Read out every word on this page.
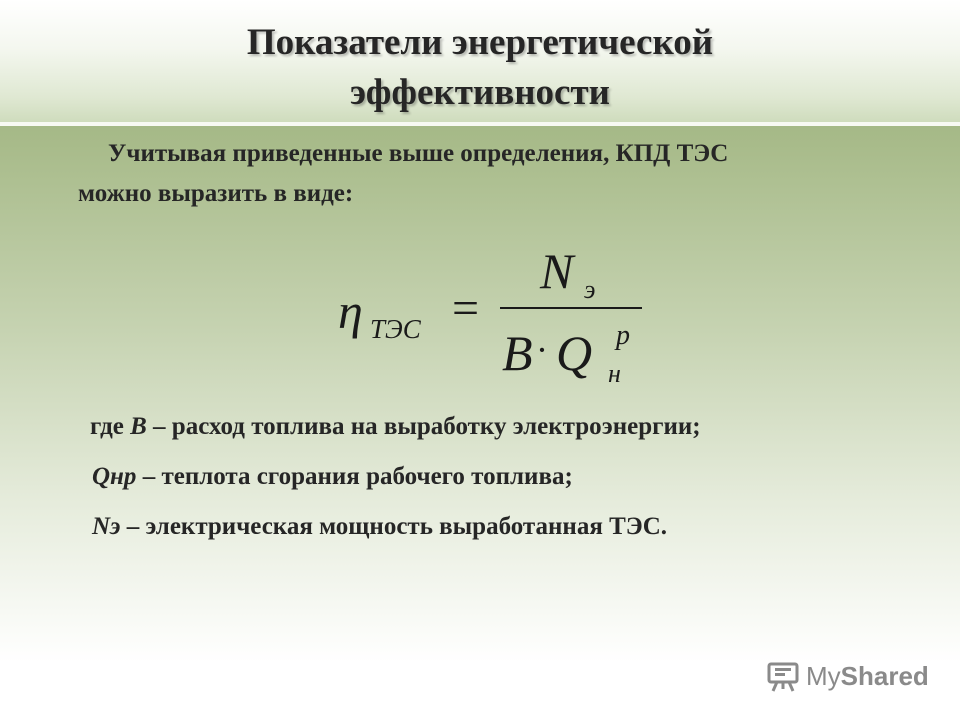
Показатели энергетической
эффективности
Учитывая приведенные выше определения, КПД ТЭС
можно выразить в виде:
η ТЭС =
N э
B · Q p
н
где B – расход топлива на выработку электроэнергии;
Qнр – теплота сгорания рабочего топлива;
Nэ – электрическая мощность выработанная ТЭС.
My Shared
